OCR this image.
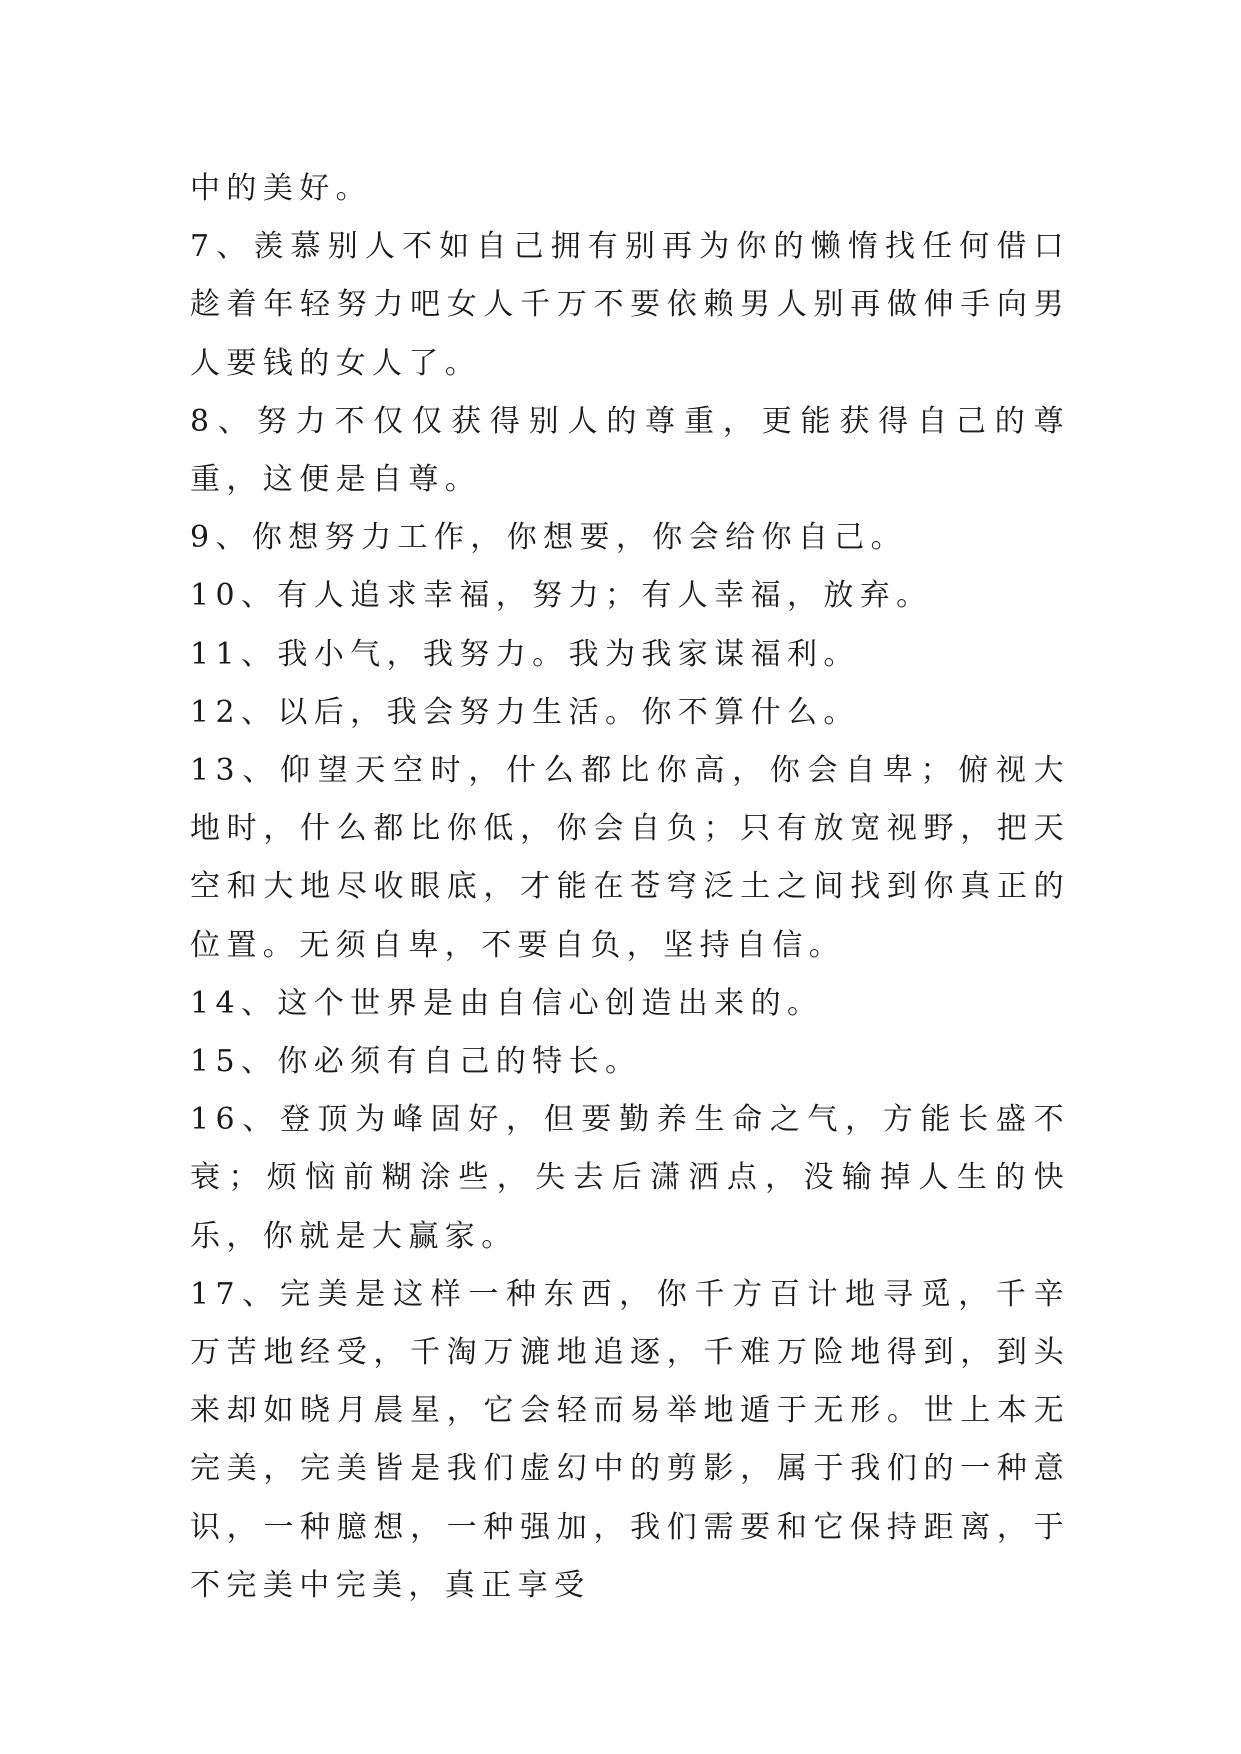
中的美好。

7、羡慕别人不如自己拥有别再为你的懒惰找任何借口趁着年轻努力吧女人千万不要依赖男人别再做伸手向男人要钱的女人了。

8、努力不仅仅获得别人的尊重，更能获得自己的尊重，这便是自尊。

9、你想努力工作，你想要，你会给你自己。

10、有人追求幸福，努力；有人幸福，放弃。

11、我小气，我努力。我为我家谋福利。

12、以后，我会努力生活。你不算什么。

13、仰望天空时，什么都比你高，你会自卑；俯视大地时，什么都比你低，你会自负；只有放宽视野，把天空和大地尽收眼底，才能在苍穹泛土之间找到你真正的位置。无须自卑，不要自负，坚持自信。

14、这个世界是由自信心创造出来的。

15、你必须有自己的特长。

16、登顶为峰固好，但要勤养生命之气，方能长盛不衰；烦恼前糊涂些，失去后潇洒点，没输掉人生的快乐，你就是大赢家。

17、完美是这样一种东西，你千方百计地寻觅，千辛万苦地经受，千淘万漉地追逐，千难万险地得到，到头来却如晓月晨星，它会轻而易举地遁于无形。世上本无完美，完美皆是我们虚幻中的剪影，属于我们的一种意识，一种臆想，一种强加，我们需要和它保持距离，于不完美中完美，真正享受
